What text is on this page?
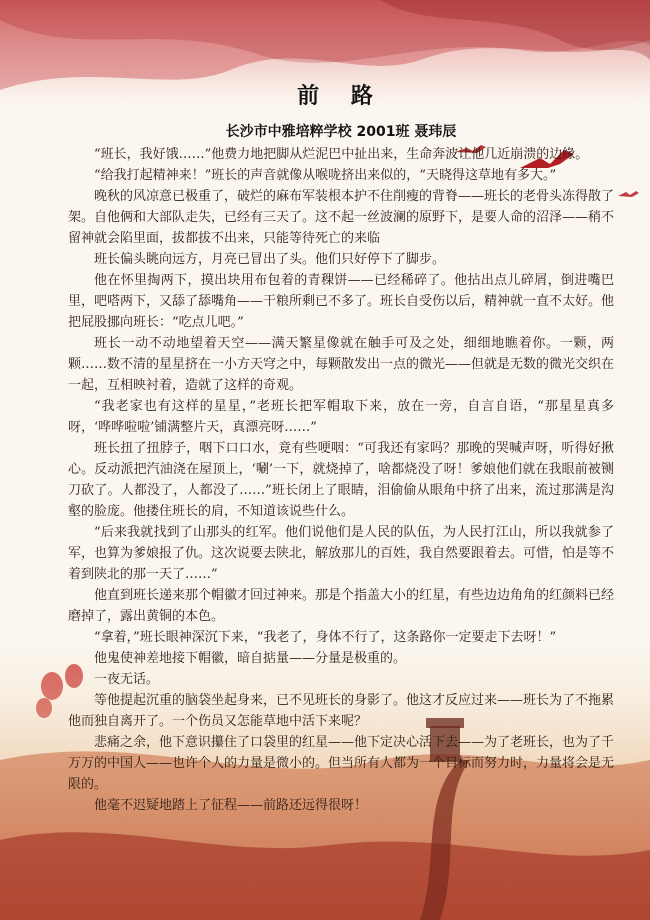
前 路
长沙市中雅培粹学校 2001班 聂玮辰

“班长，我好饿……”他费力地把脚从烂泥巴中扯出来，生命奔波让他几近崩溃的边缘。

“给我打起精神来！”班长的声音就像从喉咙挤出来似的，“天晓得这草地有多大。”

晚秋的风凉意已极重了，破烂的麻布军装根本护不住削瘦的背脊——班长的老骨头冻得散了架。自他俩和大部队走失，已经有三天了。这不起一丝波澜的原野下，是要人命的沼泽——稍不留神就会陷里面，拔都拔不出来，只能等待死亡的来临

班长偏头眺向远方，月亮已冒出了头。他们只好停下了脚步。

他在怀里掏两下，摸出块用布包着的青稞饼——已经稀碎了。他拈出点儿碎屑，倒进嘴巴里，吧嗒两下，又舔了舔嘴角——干粮所剩已不多了。班长自受伤以后，精神就一直不太好。他把屁股挪向班长：“吃点儿吧。”

班长一动不动地望着天空——满天繁星像就在触手可及之处，细细地瞧着你。一颗，两颗……数不清的星星挤在一小方天穹之中，每颗散发出一点的微光——但就是无数的微光交织在一起，互相映衬着，造就了这样的奇观。

“我老家也有这样的星星，”老班长把军帽取下来，放在一旁，自言自语，“那星星真多呀，‘哗哗啦啦’铺满整片天，真漂亮呀……”

班长扭了扭脖子，咽下口口水，竟有些哽咽：“可我还有家吗？那晚的哭喊声呀，听得好揪心。反动派把汽油浇在屋顶上，‘唰’一下，就烧掉了，啥都烧没了呀！爹娘他们就在我眼前被铡刀砍了。人都没了，人都没了……”班长闭上了眼睛，泪偷偷从眼角中挤了出来，流过那满是沟壑的脸庞。他搂住班长的肩，不知道该说些什么。

“后来我就找到了山那头的红军。他们说他们是人民的队伍，为人民打江山，所以我就参了军，也算为爹娘报了仇。这次说要去陕北，解放那儿的百姓，我自然要跟着去。可惜，怕是等不着到陕北的那一天了……”

他直到班长递来那个帽徽才回过神来。那是个指盖大小的红星，有些边边角角的红颜料已经磨掉了，露出黄铜的本色。

“拿着，”班长眼神深沉下来，“我老了，身体不行了，这条路你一定要走下去呀！”

他鬼使神差地接下帽徽，暗自掂量——分量是极重的。

一夜无话。

等他提起沉重的脑袋坐起身来，已不见班长的身影了。他这才反应过来——班长为了不拖累他而独自离开了。一个伤员又怎能草地中活下来呢？

悲痛之余，他下意识攥住了口袋里的红星——他下定决心活下去——为了老班长，也为了千万万的中国人——也许个人的力量是微小的。但当所有人都为一个目标而努力时，力量将会是无限的。

他毫不迟疑地踏上了征程——前路还远得很呀！
